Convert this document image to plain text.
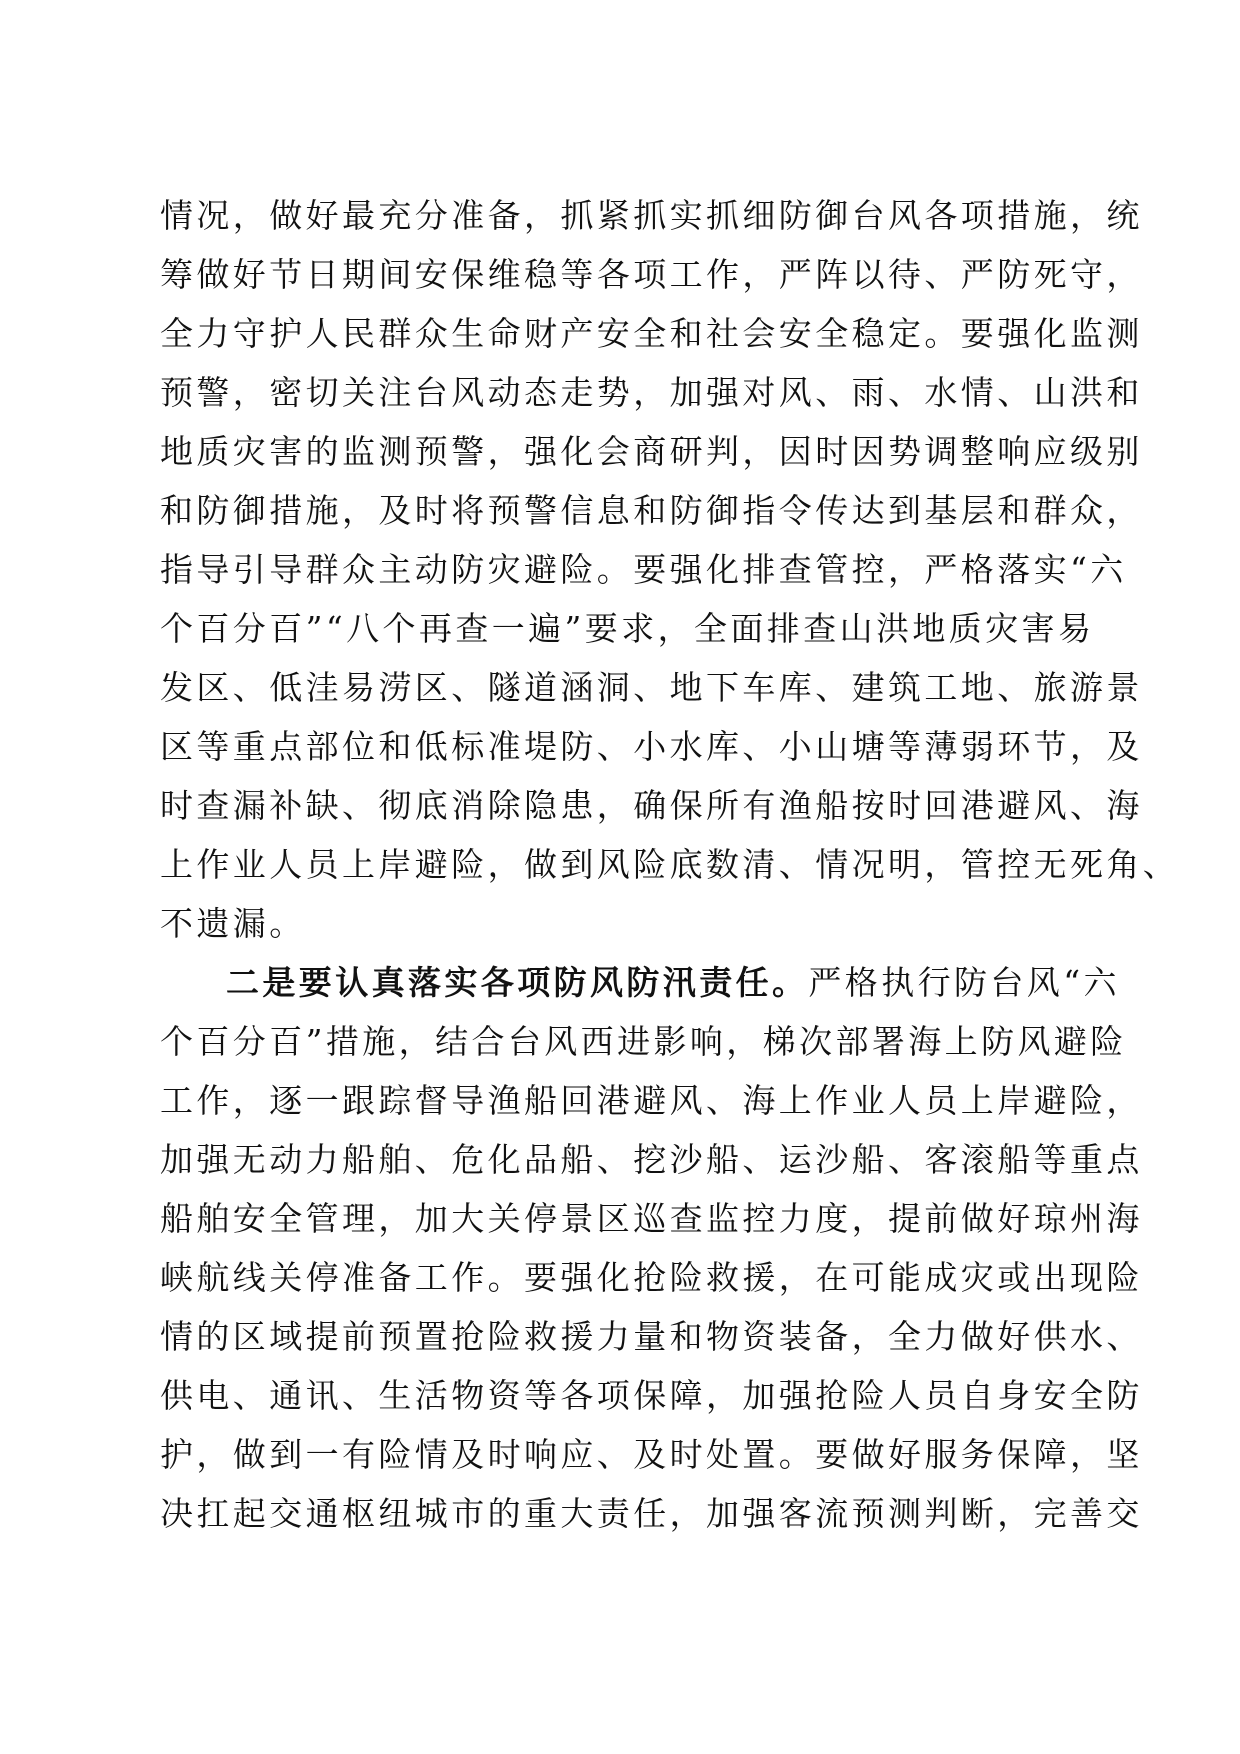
情况，做好最充分准备，抓紧抓实抓细防御台风各项措施，统

筹做好节日期间安保维稳等各项工作，严阵以待、严防死守，

全力守护人民群众生命财产安全和社会安全稳定。要强化监测

预警，密切关注台风动态走势，加强对风、雨、水情、山洪和

地质灾害的监测预警，强化会商研判，因时因势调整响应级别

和防御措施，及时将预警信息和防御指令传达到基层和群众，

指导引导群众主动防灾避险。要强化排查管控，严格落实“六

个百分百”“八个再查一遍”要求，全面排查山洪地质灾害易

发区、低洼易涝区、隧道涵洞、地下车库、建筑工地、旅游景

区等重点部位和低标准堤防、小水库、小山塘等薄弱环节，及

时查漏补缺、彻底消除隐患，确保所有渔船按时回港避风、海

上作业人员上岸避险，做到风险底数清、情况明，管控无死角、

不遗漏。

二是要认真落实各项防风防汛责任。严格执行防台风“六

个百分百”措施，结合台风西进影响，梯次部署海上防风避险

工作，逐一跟踪督导渔船回港避风、海上作业人员上岸避险，

加强无动力船舶、危化品船、挖沙船、运沙船、客滚船等重点

船舶安全管理，加大关停景区巡查监控力度，提前做好琼州海

峡航线关停准备工作。要强化抢险救援，在可能成灾或出现险

情的区域提前预置抢险救援力量和物资装备，全力做好供水、

供电、通讯、生活物资等各项保障，加强抢险人员自身安全防

护，做到一有险情及时响应、及时处置。要做好服务保障，坚

决扛起交通枢纽城市的重大责任，加强客流预测判断，完善交
